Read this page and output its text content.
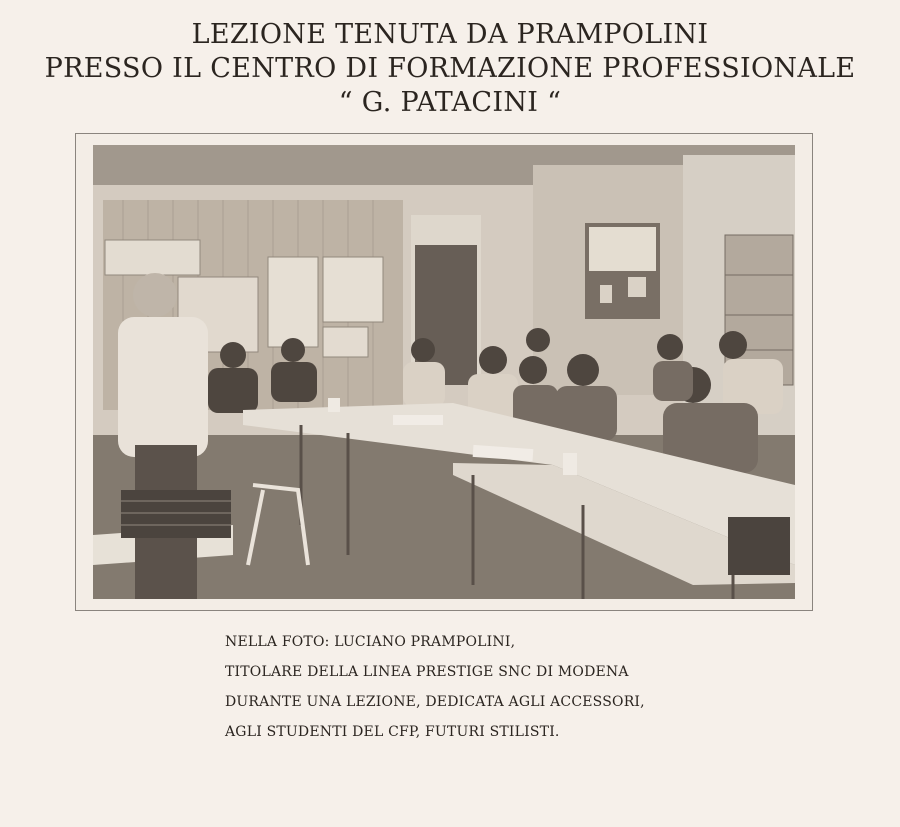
LEZIONE TENUTA DA PRAMPOLINI
PRESSO IL CENTRO DI FORMAZIONE PROFESSIONALE
“ G. PATACINI “
NELLA FOTO: LUCIANO PRAMPOLINI,
TITOLARE DELLA LINEA PRESTIGE SNC DI MODENA
DURANTE UNA LEZIONE, DEDICATA AGLI ACCESSORI,
AGLI STUDENTI DEL CFP, FUTURI STILISTI.
